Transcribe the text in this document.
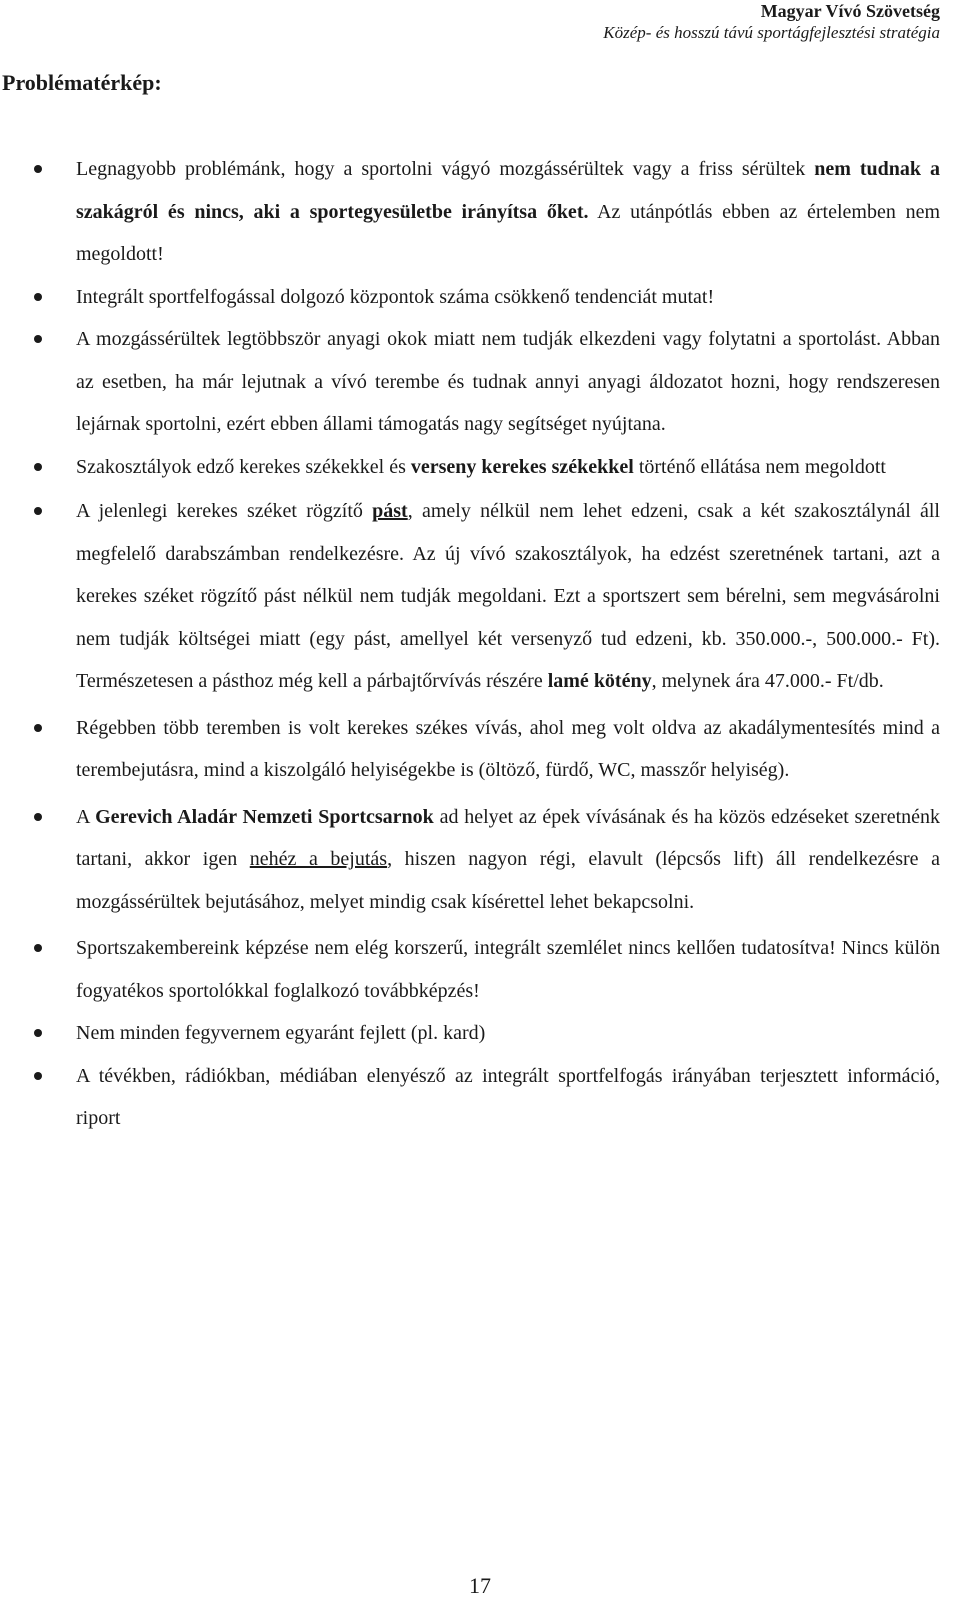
Magyar Vívó Szövetség
Közép- és hosszú távú sportágfejlesztési stratégia
Problématérkép:
Legnagyobb problémánk, hogy a sportolni vágyó mozgássérültek vagy a friss sérültek nem tudnak a szakágról és nincs, aki a sportegyesületbe irányítsa őket. Az utánpótlás ebben az értelemben nem megoldott!
Integrált sportfelfogással dolgozó központok száma csökkenő tendenciát mutat!
A mozgássérültek legtöbbször anyagi okok miatt nem tudják elkezdeni vagy folytatni a sportolást. Abban az esetben, ha már lejutnak a vívó terembe és tudnak annyi anyagi áldozatot hozni, hogy rendszeresen lejárnak sportolni, ezért ebben állami támogatás nagy segítséget nyújtana.
Szakosztályok edző kerekes székekkel és verseny kerekes székekkel történő ellátása nem megoldott
A jelenlegi kerekes széket rögzítő pást, amely nélkül nem lehet edzeni, csak a két szakosztálynál áll megfelelő darabszámban rendelkezésre. Az új vívó szakosztályok, ha edzést szeretnének tartani, azt a kerekes széket rögzítő pást nélkül nem tudják megoldani. Ezt a sportszert sem bérelni, sem megvásárolni nem tudják költségei miatt (egy pást, amellyel két versenyző tud edzeni, kb. 350.000.-, 500.000.- Ft). Természetesen a pásthoz még kell a párbajtőrvívás részére lamé kötény, melynek ára 47.000.- Ft/db.
Régebben több teremben is volt kerekes székes vívás, ahol meg volt oldva az akadálymentesítés mind a terembejutásra, mind a kiszolgáló helyiségekbe is (öltöző, fürdő, WC, masszőr helyiség).
A Gerevich Aladár Nemzeti Sportcsarnok ad helyet az épek vívásának és ha közös edzéseket szeretnénk tartani, akkor igen nehéz a bejutás, hiszen nagyon régi, elavult (lépcsős lift) áll rendelkezésre a mozgássérültek bejutásához, melyet mindig csak kísérettel lehet bekapcsolni.
Sportszakembereink képzése nem elég korszerű, integrált szemlélet nincs kellően tudatosítva! Nincs külön fogyatékos sportolókkal foglalkozó továbbképzés!
Nem minden fegyvernem egyaránt fejlett (pl. kard)
A tévékben, rádiókban, médiában elenyésző az integrált sportfelfogás irányában terjesztett információ, riport
17
